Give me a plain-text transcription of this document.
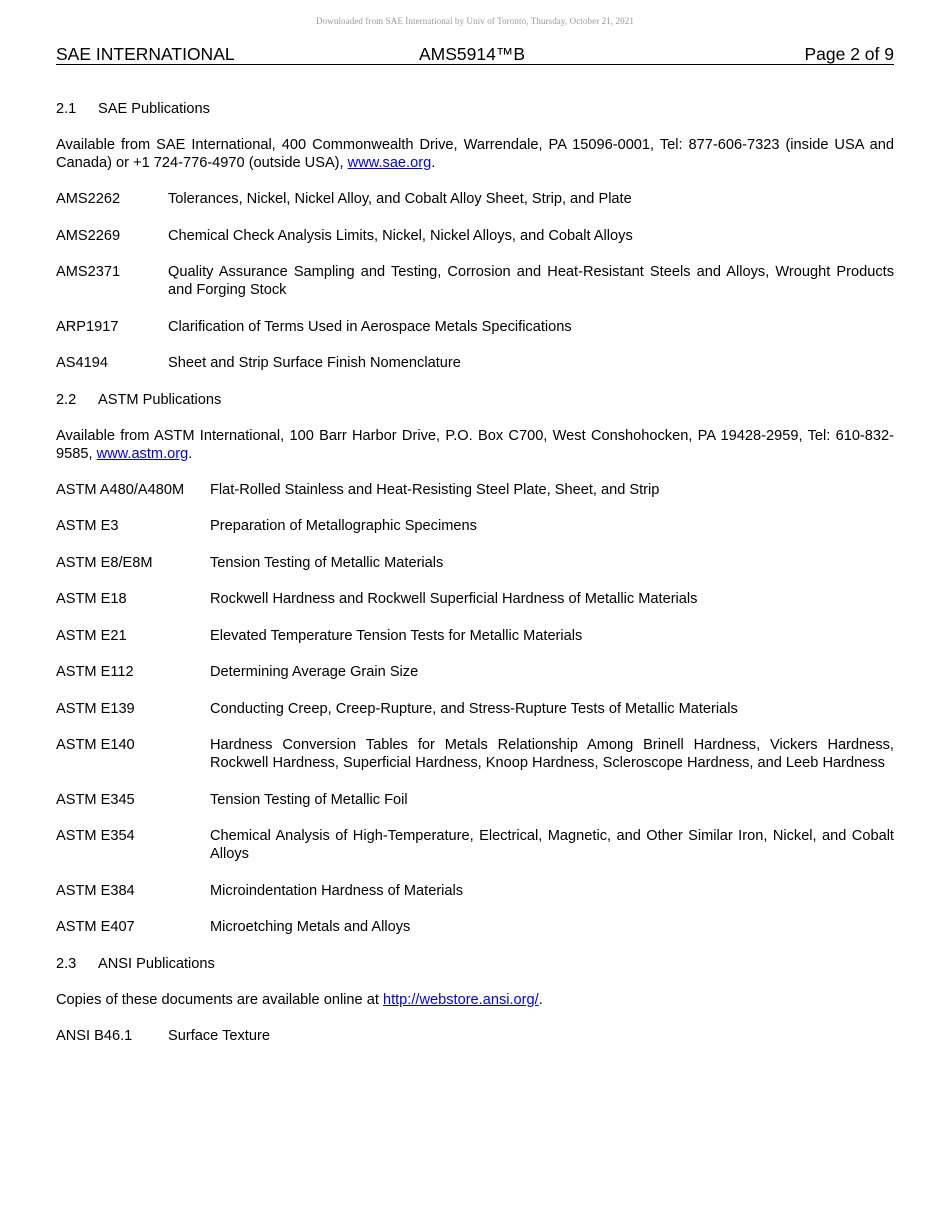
Downloaded from SAE International by Univ of Toronto, Thursday, October 21, 2021
SAE INTERNATIONAL	AMS5914™B	Page 2 of 9
2.1 SAE Publications

Available from SAE International, 400 Commonwealth Drive, Warrendale, PA 15096-0001, Tel: 877-606-7323 (inside USA and Canada) or +1 724-776-4970 (outside USA), www.sae.org.

AMS2262	Tolerances, Nickel, Nickel Alloy, and Cobalt Alloy Sheet, Strip, and Plate
AMS2269	Chemical Check Analysis Limits, Nickel, Nickel Alloys, and Cobalt Alloys
AMS2371	Quality Assurance Sampling and Testing, Corrosion and Heat-Resistant Steels and Alloys, Wrought Products and Forging Stock
ARP1917	Clarification of Terms Used in Aerospace Metals Specifications
AS4194	Sheet and Strip Surface Finish Nomenclature
2.2 ASTM Publications

Available from ASTM International, 100 Barr Harbor Drive, P.O. Box C700, West Conshohocken, PA 19428-2959, Tel: 610-832-9585, www.astm.org.

ASTM A480/A480M	Flat-Rolled Stainless and Heat-Resisting Steel Plate, Sheet, and Strip
ASTM E3	Preparation of Metallographic Specimens
ASTM E8/E8M	Tension Testing of Metallic Materials
ASTM E18	Rockwell Hardness and Rockwell Superficial Hardness of Metallic Materials
ASTM E21	Elevated Temperature Tension Tests for Metallic Materials
ASTM E112	Determining Average Grain Size
ASTM E139	Conducting Creep, Creep-Rupture, and Stress-Rupture Tests of Metallic Materials
ASTM E140	Hardness Conversion Tables for Metals Relationship Among Brinell Hardness, Vickers Hardness, Rockwell Hardness, Superficial Hardness, Knoop Hardness, Scleroscope Hardness, and Leeb Hardness
ASTM E345	Tension Testing of Metallic Foil
ASTM E354	Chemical Analysis of High-Temperature, Electrical, Magnetic, and Other Similar Iron, Nickel, and Cobalt Alloys
ASTM E384	Microindentation Hardness of Materials
ASTM E407	Microetching Metals and Alloys
2.3 ANSI Publications

Copies of these documents are available online at http://webstore.ansi.org/.

ANSI B46.1	Surface Texture
